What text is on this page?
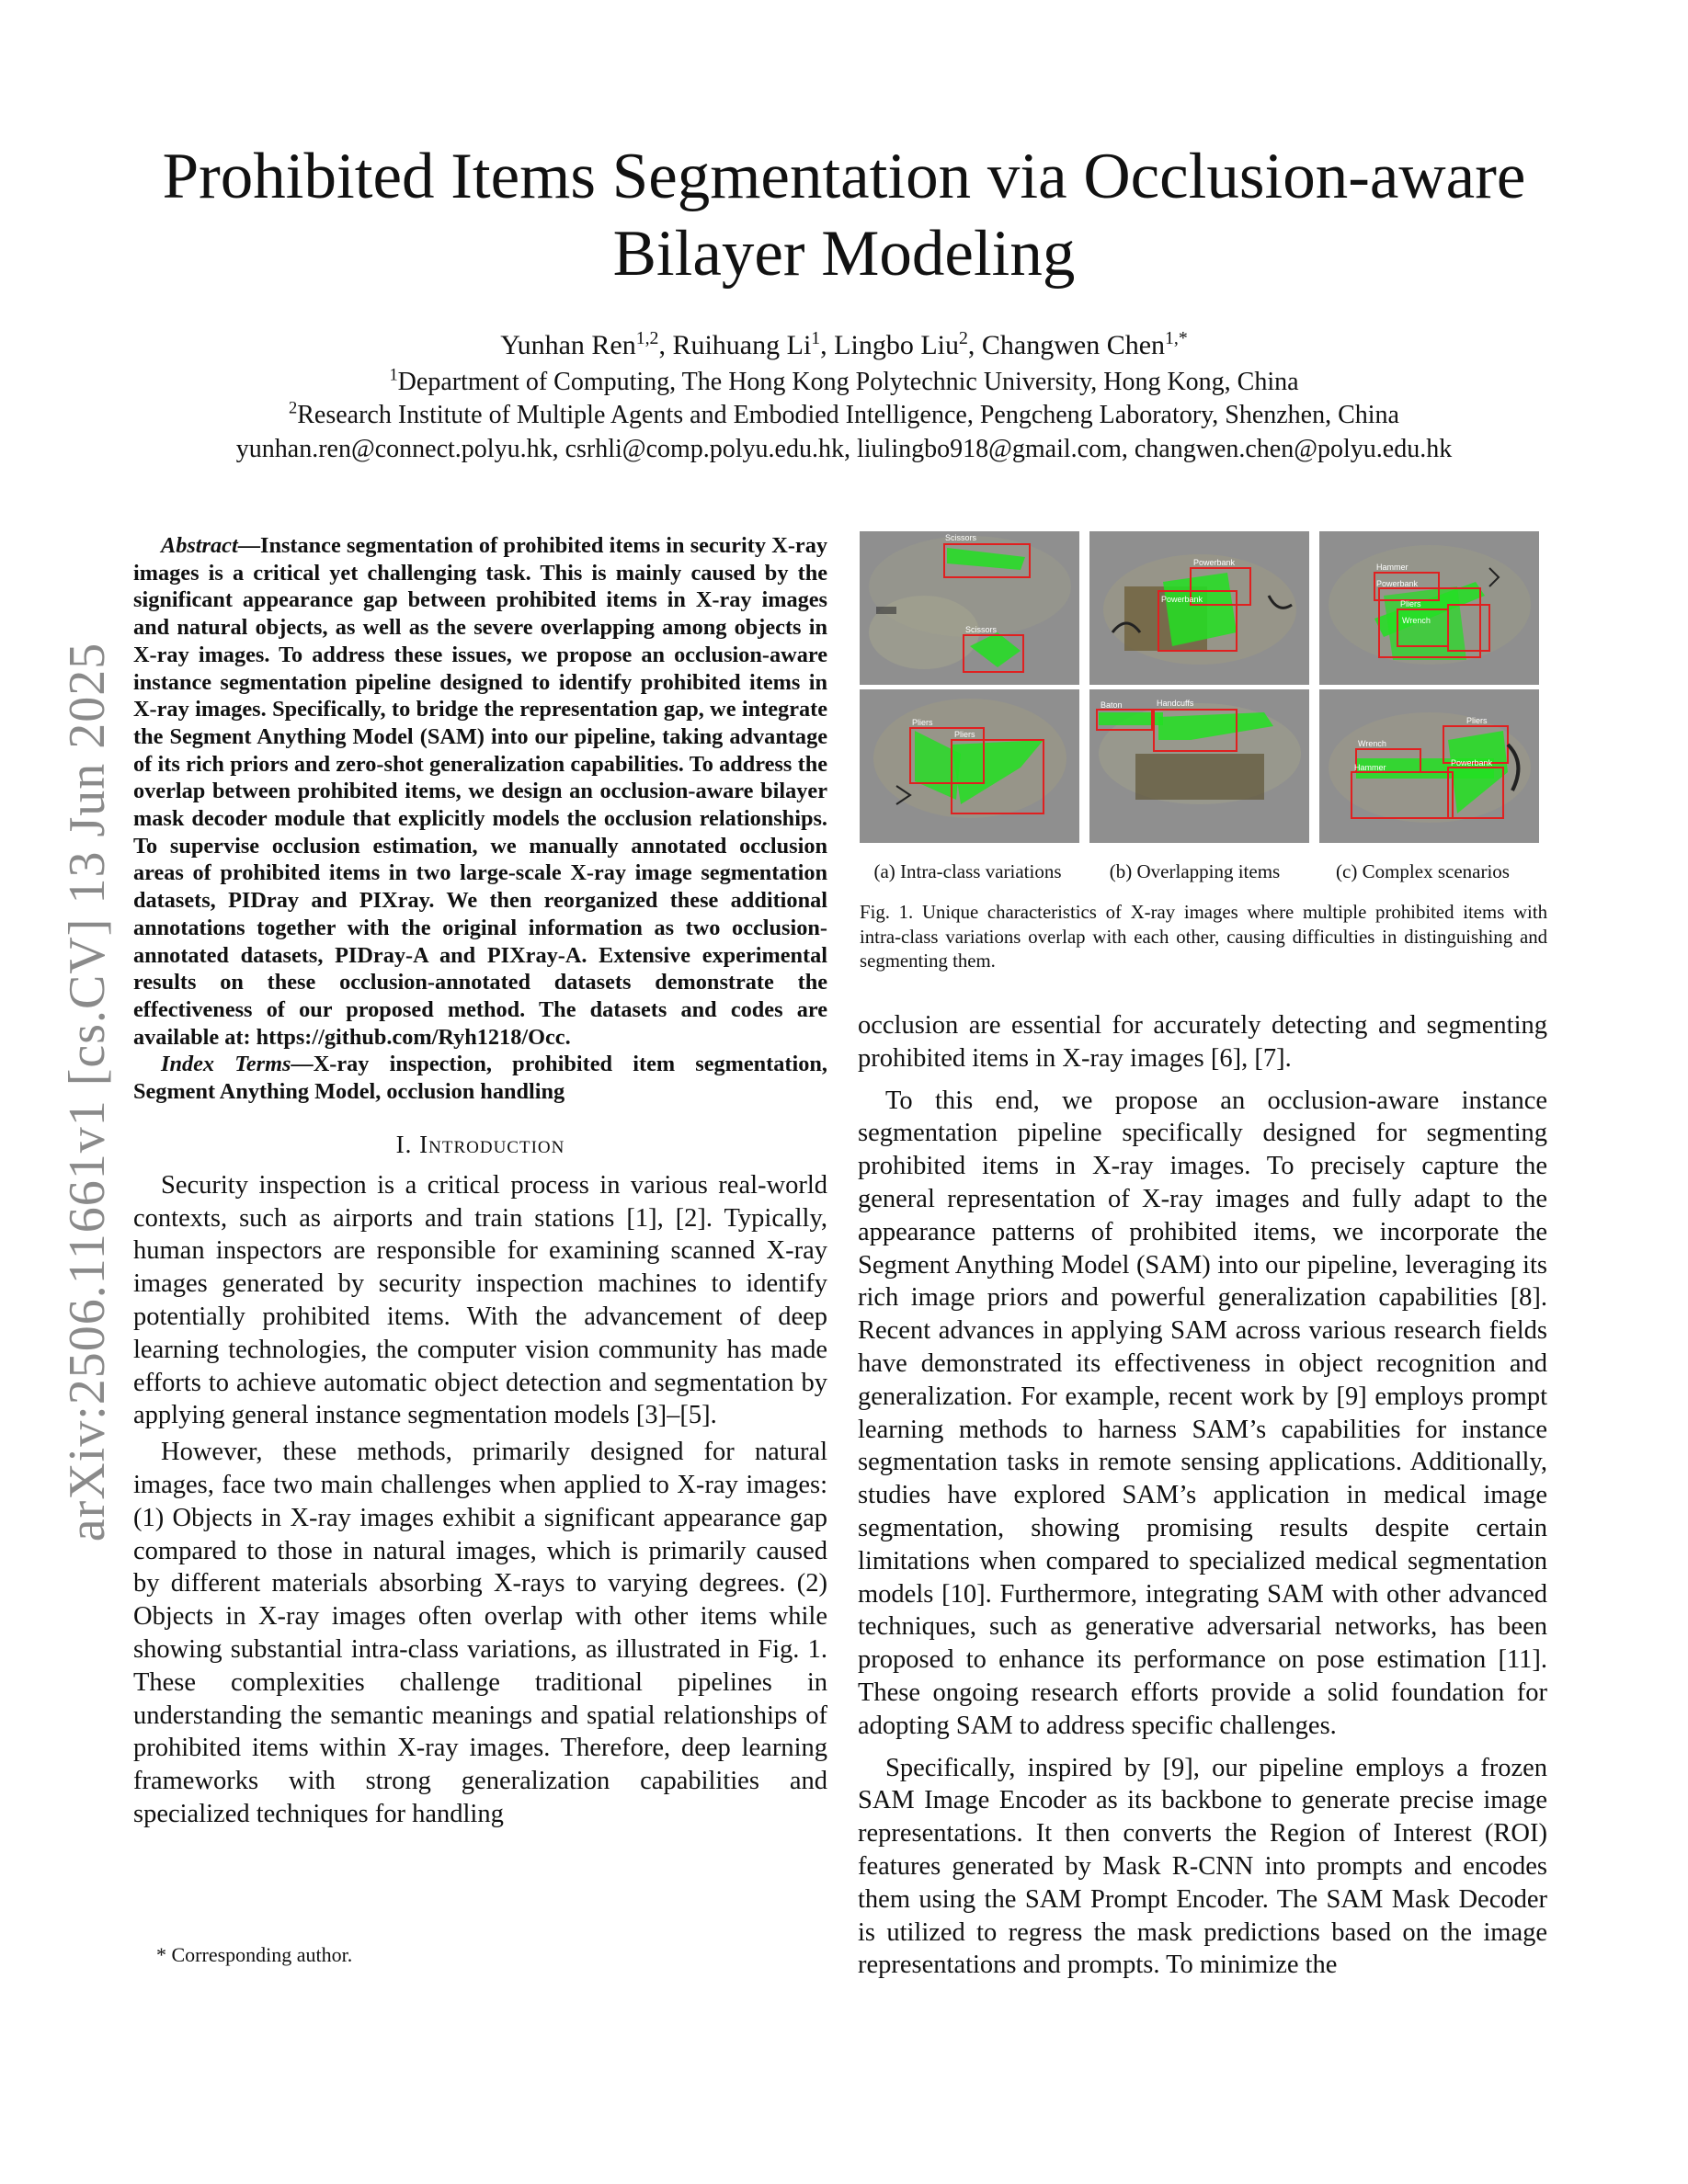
arXiv:2506.11661v1 [cs.CV] 13 Jun 2025
Prohibited Items Segmentation via Occlusion-aware Bilayer Modeling
Yunhan Ren$^{1,2}$, Ruihuang Li$^1$, Lingbo Liu$^2$, Changwen Chen$^{1,*}$
$^1$Department of Computing, The Hong Kong Polytechnic University, Hong Kong, China
$^2$Research Institute of Multiple Agents and Embodied Intelligence, Pengcheng Laboratory, Shenzhen, China
yunhan.ren@connect.polyu.hk, csrhli@comp.polyu.edu.hk, liulingbo918@gmail.com, changwen.chen@polyu.edu.hk

Abstract—Instance segmentation of prohibited items in security X-ray images is a critical yet challenging task. This is mainly caused by the significant appearance gap between prohibited items in X-ray images and natural objects, as well as the severe overlapping among objects in X-ray images. To address these issues, we propose an occlusion-aware instance segmentation pipeline designed to identify prohibited items in X-ray images. Specifically, to bridge the representation gap, we integrate the Segment Anything Model (SAM) into our pipeline, taking advantage of its rich priors and zero-shot generalization capabilities. To address the overlap between prohibited items, we design an occlusion-aware bilayer mask decoder module that explicitly models the occlusion relationships. To supervise occlusion estimation, we manually annotated occlusion areas of prohibited items in two large-scale X-ray image segmentation datasets, PIDray and PIXray. We then reorganized these additional annotations together with the original information as two occlusion-annotated datasets, PIDray-A and PIXray-A. Extensive experimental results on these occlusion-annotated datasets demonstrate the effectiveness of our proposed method. The datasets and codes are available at: https://github.com/Ryh1218/Occ.

Index Terms—X-ray inspection, prohibited item segmentation, Segment Anything Model, occlusion handling

I. Introduction

Security inspection is a critical process in various real-world contexts, such as airports and train stations [1], [2]. Typically, human inspectors are responsible for examining scanned X-ray images generated by security inspection machines to identify potentially prohibited items. With the advancement of deep learning technologies, the computer vision community has made efforts to achieve automatic object detection and segmentation by applying general instance segmentation models [3]–[5].

However, these methods, primarily designed for natural images, face two main challenges when applied to X-ray images: (1) Objects in X-ray images exhibit a significant appearance gap compared to those in natural images, which is primarily caused by different materials absorbing X-rays to varying degrees. (2) Objects in X-ray images often overlap with other items while showing substantial intra-class variations, as illustrated in Fig. 1. These complexities challenge traditional pipelines in understanding the semantic meanings and spatial relationships of prohibited items within X-ray images. Therefore, deep learning frameworks with strong generalization capabilities and specialized techniques for handling

* Corresponding author.
Scissors
Scissors
Powerbank
Powerbank
Hammer
Powerbank
Pliers
Wrench
Pliers
Pliers
Baton	Handcuffs
Wrench
Pliers
Hammer	Powerbank
(a) Intra-class variations	(b) Overlapping items	(c) Complex scenarios
Fig. 1. Unique characteristics of X-ray images where multiple prohibited items with intra-class variations overlap with each other, causing difficulties in distinguishing and segmenting them.

occlusion are essential for accurately detecting and segmenting prohibited items in X-ray images [6], [7].

To this end, we propose an occlusion-aware instance segmentation pipeline specifically designed for segmenting prohibited items in X-ray images. To precisely capture the general representation of X-ray images and fully adapt to the appearance patterns of prohibited items, we incorporate the Segment Anything Model (SAM) into our pipeline, leveraging its rich image priors and powerful generalization capabilities [8]. Recent advances in applying SAM across various research fields have demonstrated its effectiveness in object recognition and generalization. For example, recent work by [9] employs prompt learning methods to harness SAM’s capabilities for instance segmentation tasks in remote sensing applications. Additionally, studies have explored SAM’s application in medical image segmentation, showing promising results despite certain limitations when compared to specialized medical segmentation models [10]. Furthermore, integrating SAM with other advanced techniques, such as generative adversarial networks, has been proposed to enhance its performance on pose estimation [11]. These ongoing research efforts provide a solid foundation for adopting SAM to address specific challenges.

Specifically, inspired by [9], our pipeline employs a frozen SAM Image Encoder as its backbone to generate precise image representations. It then converts the Region of Interest (ROI) features generated by Mask R-CNN into prompts and encodes them using the SAM Prompt Encoder. The SAM Mask Decoder is utilized to regress the mask predictions based on the image representations and prompts. To minimize the
